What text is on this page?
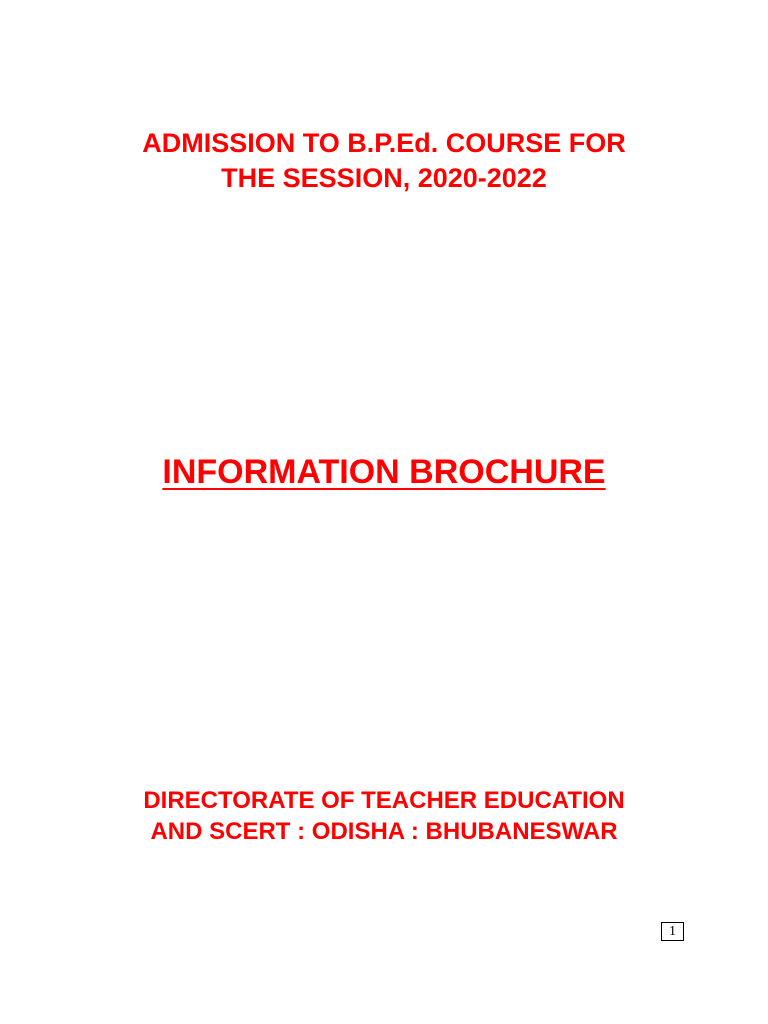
ADMISSION TO B.P.Ed. COURSE FOR
THE SESSION, 2020-2022
INFORMATION BROCHURE
DIRECTORATE OF TEACHER EDUCATION
AND SCERT : ODISHA : BHUBANESWAR
1
